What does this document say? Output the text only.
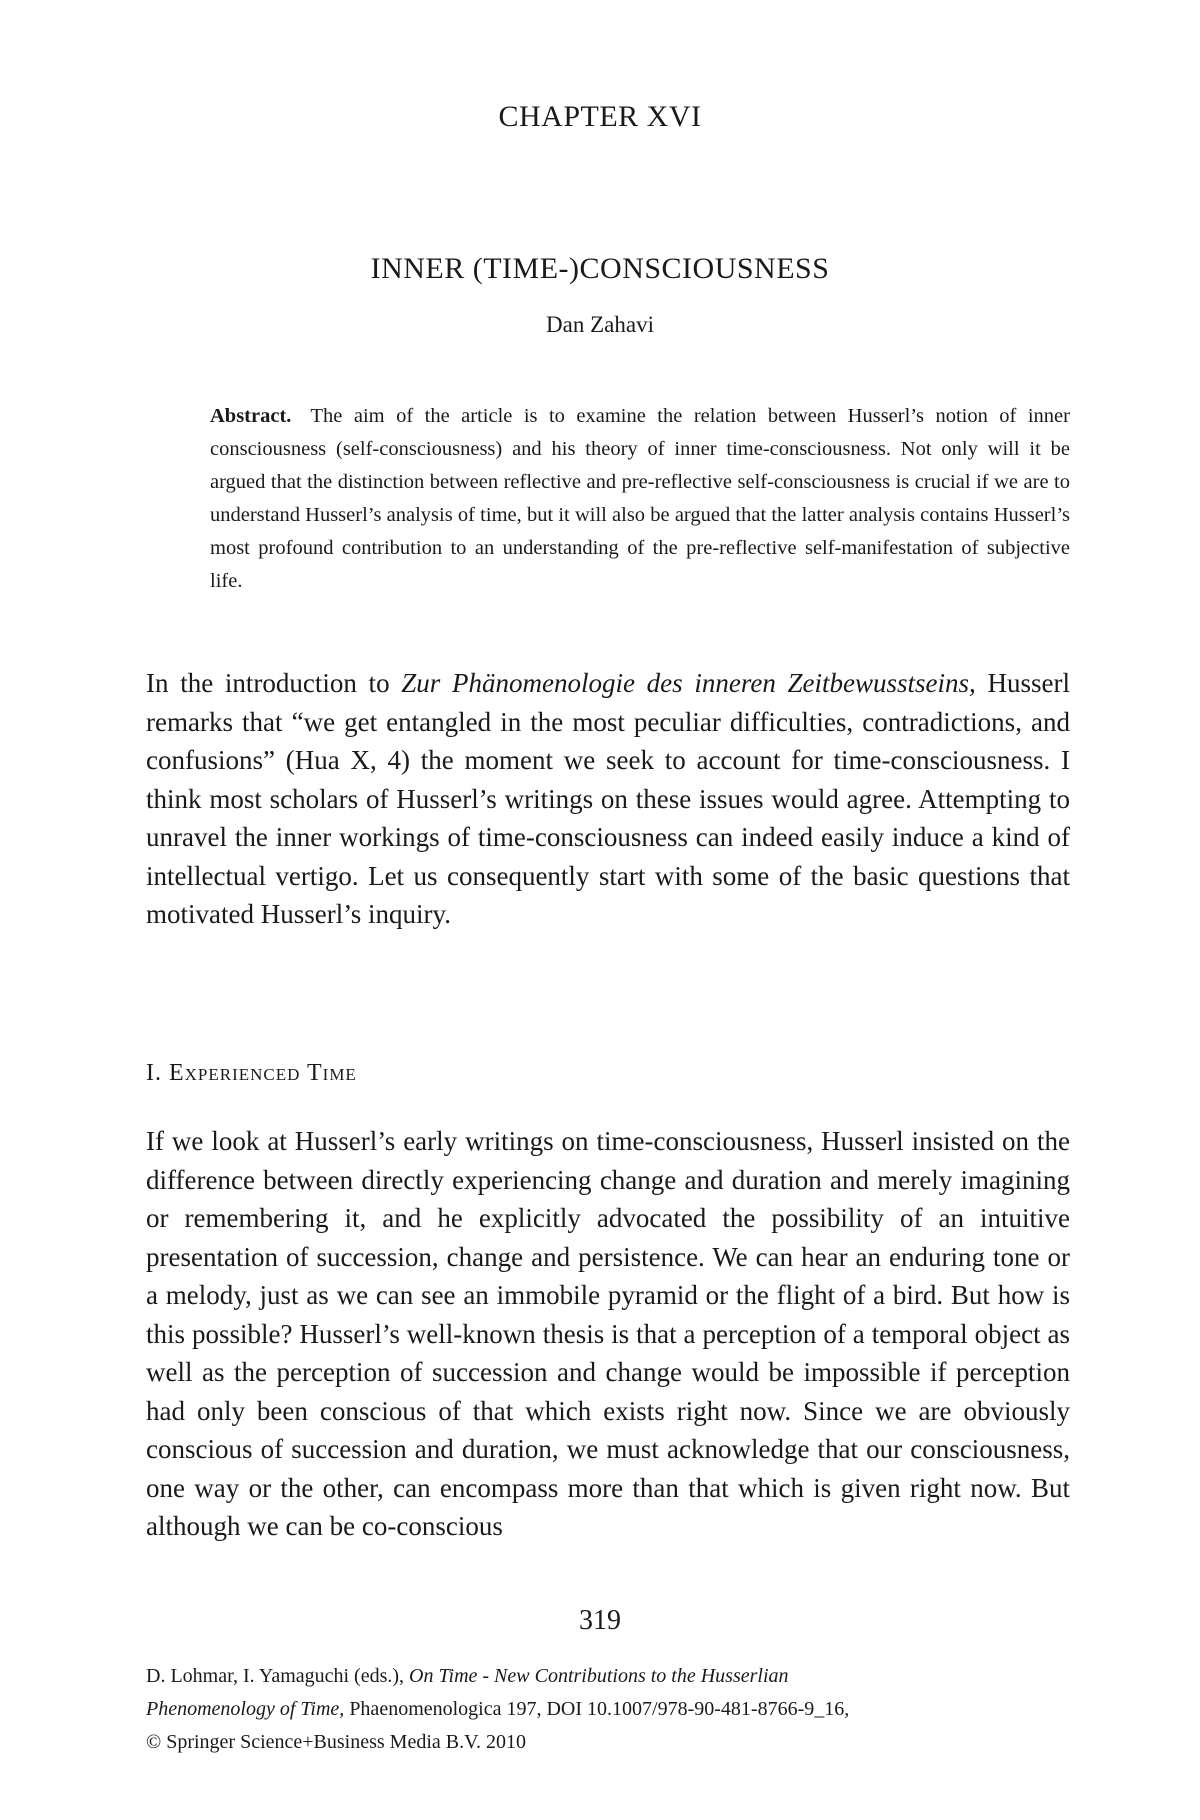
CHAPTER XVI
INNER (TIME-)CONSCIOUSNESS
Dan Zahavi
Abstract. The aim of the article is to examine the relation between Husserl’s notion of inner consciousness (self-consciousness) and his theory of inner time-consciousness. Not only will it be argued that the distinction between reflective and pre-reflective self-consciousness is crucial if we are to understand Husserl’s analysis of time, but it will also be argued that the latter analysis contains Husserl’s most profound contribution to an understanding of the pre-reflective self-manifestation of subjective life.
In the introduction to Zur Phänomenologie des inneren Zeitbewusstseins, Husserl remarks that “we get entangled in the most peculiar difficulties, contradictions, and confusions” (Hua X, 4) the moment we seek to account for time-consciousness. I think most scholars of Husserl’s writings on these issues would agree. Attempting to unravel the inner workings of time-consciousness can indeed easily induce a kind of intellectual vertigo. Let us consequently start with some of the basic questions that motivated Husserl’s inquiry.
I. Experienced Time
If we look at Husserl’s early writings on time-consciousness, Husserl insisted on the difference between directly experiencing change and duration and merely imagining or remembering it, and he explicitly advocated the possibility of an intuitive presentation of succession, change and persistence. We can hear an enduring tone or a melody, just as we can see an immobile pyramid or the flight of a bird. But how is this possible? Husserl’s well-known thesis is that a perception of a temporal object as well as the perception of succession and change would be impossible if perception had only been conscious of that which exists right now. Since we are obviously conscious of succession and duration, we must acknowledge that our consciousness, one way or the other, can encompass more than that which is given right now. But although we can be co-conscious
319
D. Lohmar, I. Yamaguchi (eds.), On Time - New Contributions to the Husserlian
Phenomenology of Time, Phaenomenologica 197, DOI 10.1007/978-90-481-8766-9_16,
© Springer Science+Business Media B.V. 2010
